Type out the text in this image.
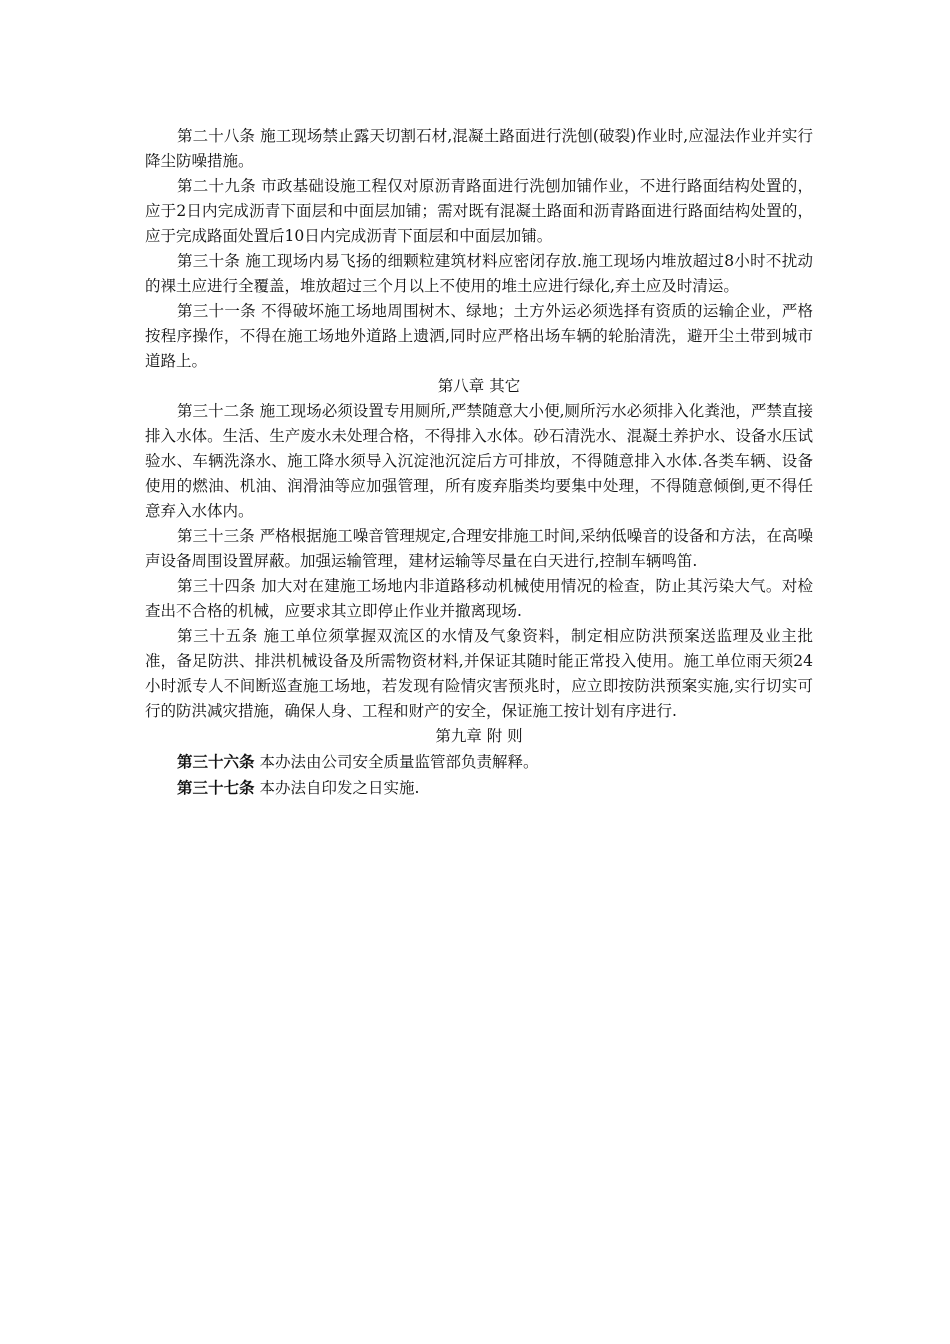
第二十八条 施工现场禁止露天切割石材,混凝土路面进行洗刨(破裂)作业时,应湿法作业并实行降尘防噪措施。

第二十九条 市政基础设施工程仅对原沥青路面进行洗刨加铺作业，不进行路面结构处置的，应于2日内完成沥青下面层和中面层加铺；需对既有混凝土路面和沥青路面进行路面结构处置的，应于完成路面处置后10日内完成沥青下面层和中面层加铺。

第三十条 施工现场内易飞扬的细颗粒建筑材料应密闭存放.施工现场内堆放超过8小时不扰动的裸土应进行全覆盖，堆放超过三个月以上不使用的堆土应进行绿化,弃土应及时清运。

第三十一条 不得破坏施工场地周围树木、绿地；土方外运必须选择有资质的运输企业，严格按程序操作，不得在施工场地外道路上遗洒,同时应严格出场车辆的轮胎清洗，避开尘土带到城市道路上。

第八章 其它

第三十二条 施工现场必须设置专用厕所,严禁随意大小便,厕所污水必须排入化粪池，严禁直接排入水体。生活、生产废水未处理合格，不得排入水体。砂石清洗水、混凝土养护水、设备水压试验水、车辆洗涤水、施工降水须导入沉淀池沉淀后方可排放，不得随意排入水体.各类车辆、设备使用的燃油、机油、润滑油等应加强管理，所有废弃脂类均要集中处理，不得随意倾倒,更不得任意弃入水体内。

第三十三条 严格根据施工噪音管理规定,合理安排施工时间,采纳低噪音的设备和方法，在高噪声设备周围设置屏蔽。加强运输管理，建材运输等尽量在白天进行,控制车辆鸣笛.

第三十四条 加大对在建施工场地内非道路移动机械使用情况的检查，防止其污染大气。对检查出不合格的机械，应要求其立即停止作业并撤离现场.

第三十五条 施工单位须掌握双流区的水情及气象资料，制定相应防洪预案送监理及业主批准，备足防洪、排洪机械设备及所需物资材料,并保证其随时能正常投入使用。施工单位雨天须24小时派专人不间断巡查施工场地，若发现有险情灾害预兆时，应立即按防洪预案实施,实行切实可行的防洪减灾措施，确保人身、工程和财产的安全，保证施工按计划有序进行.

第九章 附 则

第三十六条 本办法由公司安全质量监管部负责解释。

第三十七条 本办法自印发之日实施.
